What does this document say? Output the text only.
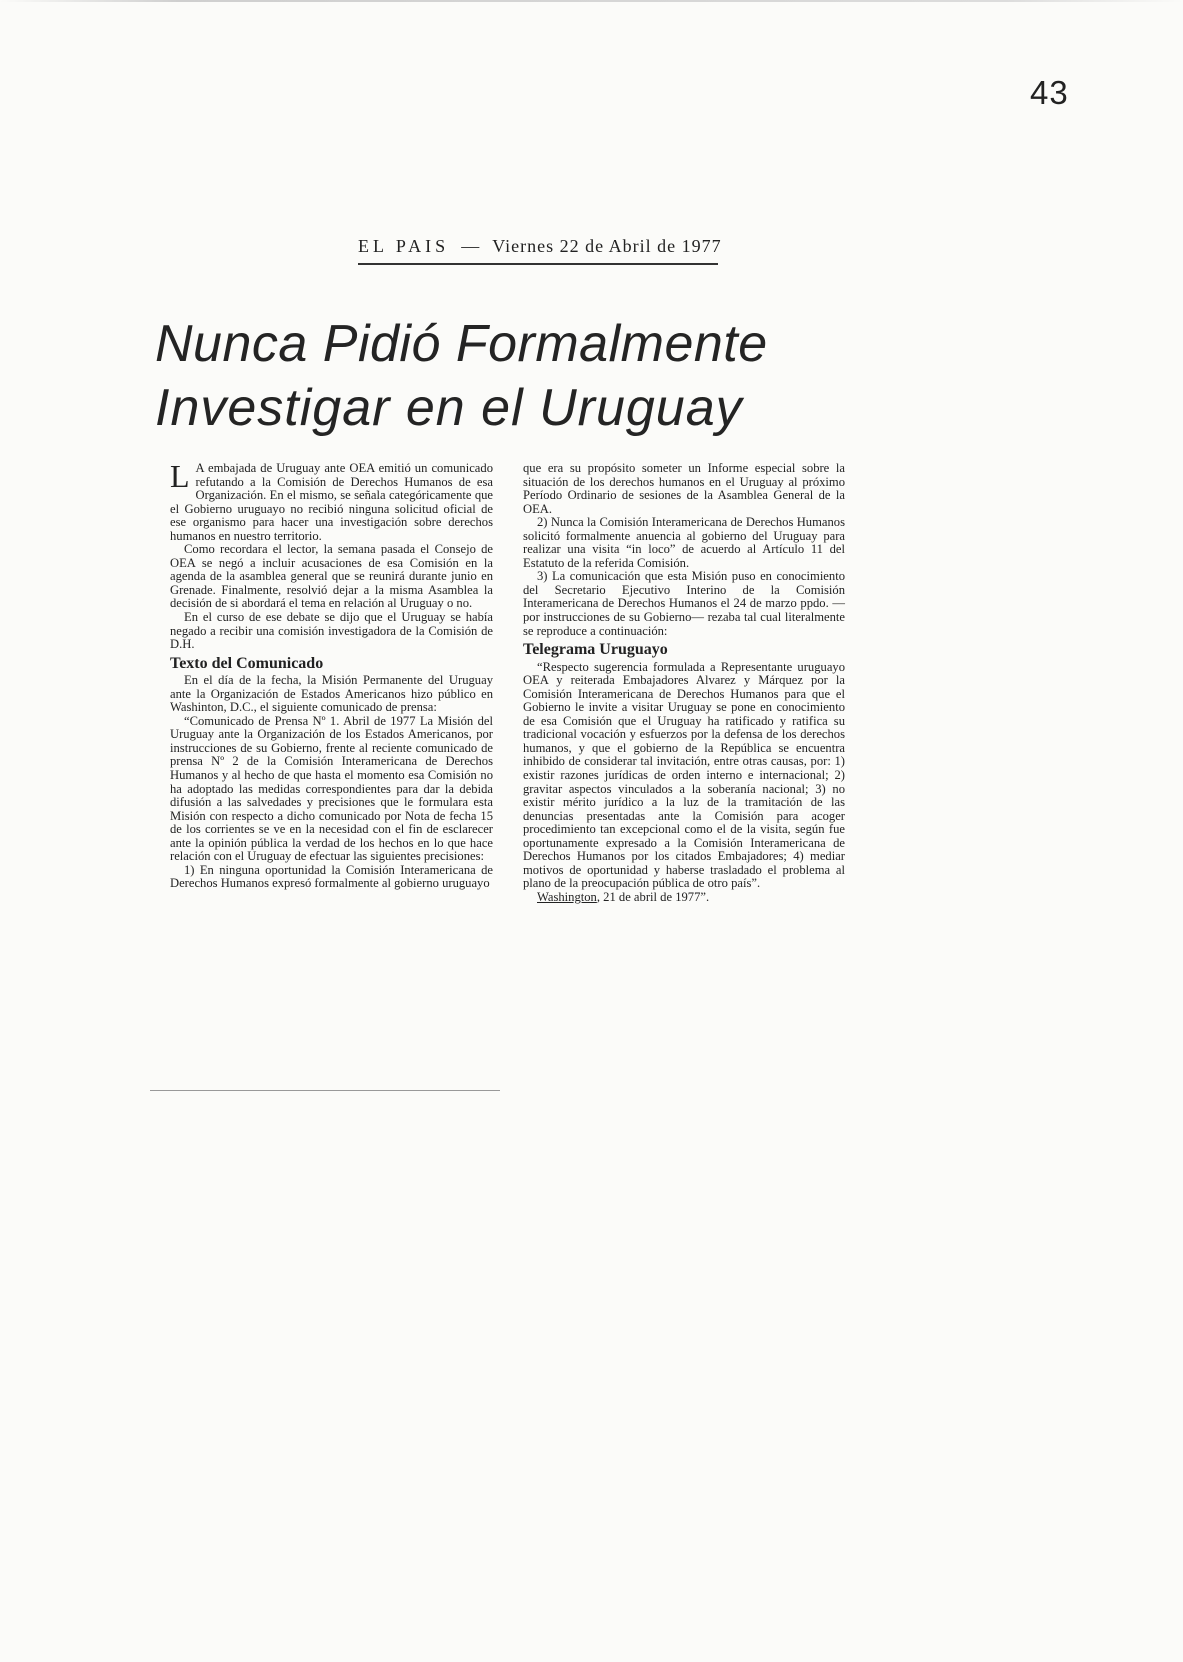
43
EL PAIS — Viernes 22 de Abril de 1977
Nunca Pidió Formalmente
Investigar en el Uruguay

L A embajada de Uruguay ante OEA emitió un comunicado refutando a la Comisión de Derechos Humanos de esa Organización. En el mismo, se señala categóricamente que el Gobierno uruguayo no recibió ninguna solicitud oficial de ese organismo para hacer una investigación sobre derechos humanos en nuestro territorio.

Como recordara el lector, la semana pasada el Consejo de OEA se negó a incluir acusaciones de esa Comisión en la agenda de la asamblea general que se reunirá durante junio en Grenade. Finalmente, resolvió dejar a la misma Asamblea la decisión de si abordará el tema en relación al Uruguay o no.

En el curso de ese debate se dijo que el Uruguay se había negado a recibir una comisión investigadora de la Comisión de D.H.

Texto del Comunicado

En el día de la fecha, la Misión Permanente del Uruguay ante la Organización de Estados Americanos hizo público en Washinton, D.C., el siguiente comunicado de prensa:

“Comunicado de Prensa Nº 1. Abril de 1977 La Misión del Uruguay ante la Organización de los Estados Americanos, por instrucciones de su Gobierno, frente al reciente comunicado de prensa Nº 2 de la Comisión Interamericana de Derechos Humanos y al hecho de que hasta el momento esa Comisión no ha adoptado las medidas correspondientes para dar la debida difusión a las salvedades y precisiones que le formulara esta Misión con respecto a dicho comunicado por Nota de fecha 15 de los corrientes se ve en la necesidad con el fin de esclarecer ante la opinión pública la verdad de los hechos en lo que hace relación con el Uruguay de efectuar las siguientes precisiones:

1) En ninguna oportunidad la Comisión Interamericana de Derechos Humanos expresó formalmente al gobierno uruguayo

que era su propósito someter un Informe especial sobre la situación de los derechos humanos en el Uruguay al próximo Período Ordinario de sesiones de la Asamblea General de la OEA.

2) Nunca la Comisión Interamericana de Derechos Humanos solicitó formalmente anuencia al gobierno del Uruguay para realizar una visita “in loco” de acuerdo al Artículo 11 del Estatuto de la referida Comisión.

3) La comunicación que esta Misión puso en conocimiento del Secretario Ejecutivo Interino de la Comisión Interamericana de Derechos Humanos el 24 de marzo ppdo. —por instrucciones de su Gobierno— rezaba tal cual literalmente se reproduce a continuación:

Telegrama Uruguayo

“Respecto sugerencia formulada a Representante uruguayo OEA y reiterada Embajadores Alvarez y Márquez por la Comisión Interamericana de Derechos Humanos para que el Gobierno le invite a visitar Uruguay se pone en conocimiento de esa Comisión que el Uruguay ha ratificado y ratifica su tradicional vocación y esfuerzos por la defensa de los derechos humanos, y que el gobierno de la República se encuentra inhibido de considerar tal invitación, entre otras causas, por: 1) existir razones jurídicas de orden interno e internacional; 2) gravitar aspectos vinculados a la soberanía nacional; 3) no existir mérito jurídico a la luz de la tramitación de las denuncias presentadas ante la Comisión para acoger procedimiento tan excepcional como el de la visita, según fue oportunamente expresado a la Comisión Interamericana de Derechos Humanos por los citados Embajadores; 4) mediar motivos de oportunidad y haberse trasladado el problema al plano de la preocupación pública de otro país”.

Washington, 21 de abril de 1977”.
